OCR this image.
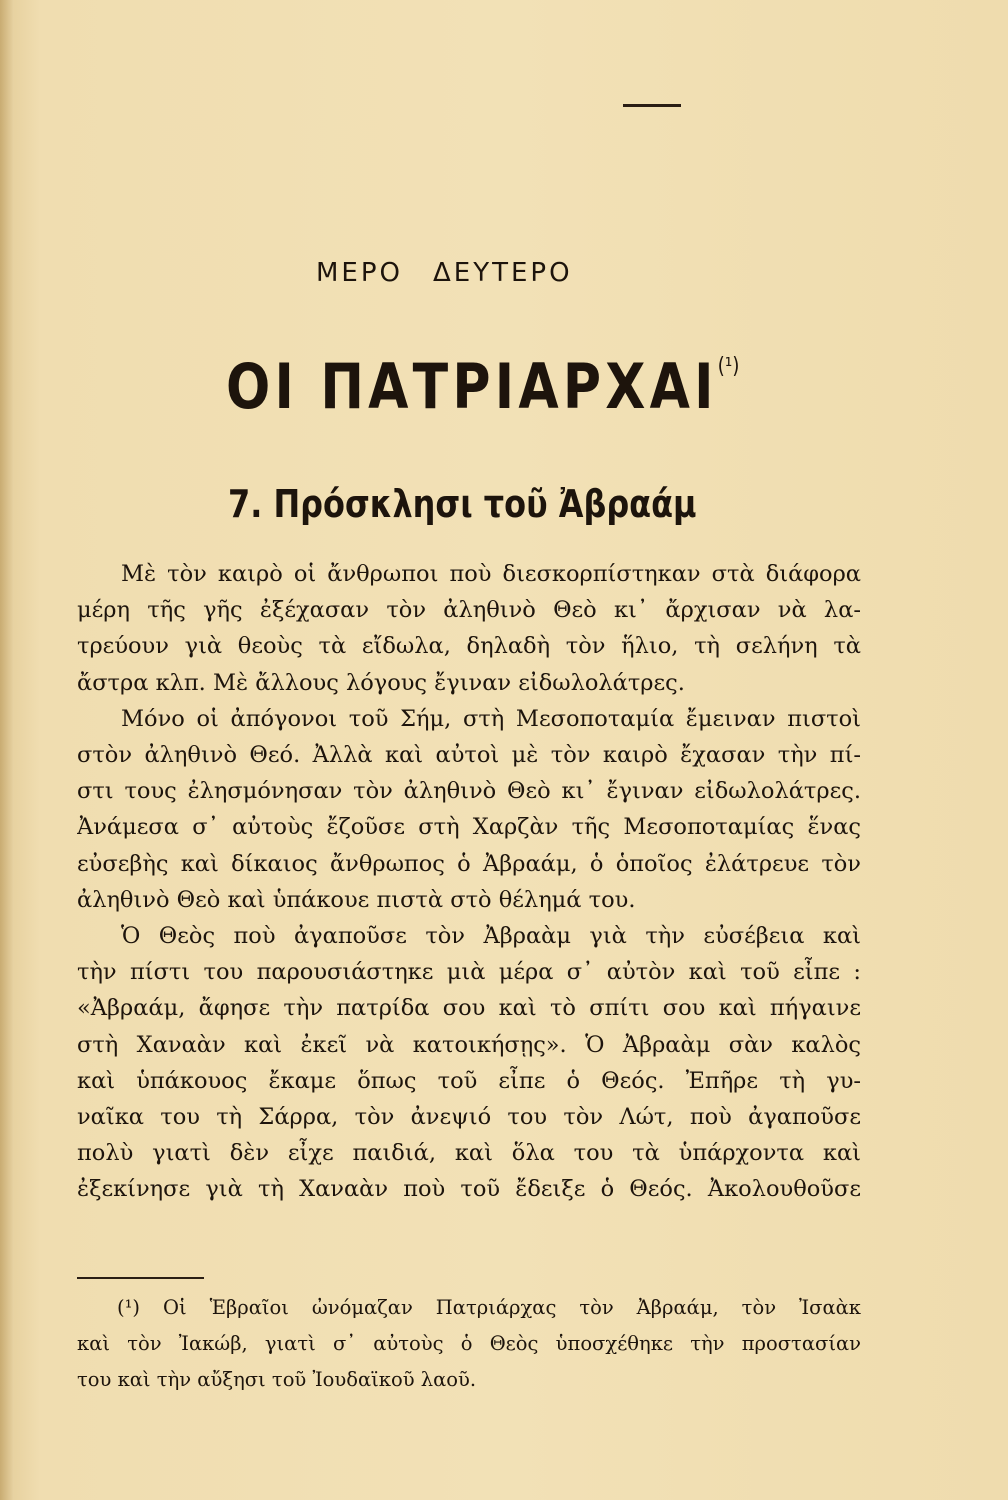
ΜΕΡΟ ΔΕΥΤΕΡΟ
ΟΙ $\Pi ATPIAPXAI^{(^1)}$
7. Πρόσκλησι τοῦ Ἀβραάμ
Μὲ τὸν καιρὸ οἱ ἄνθρωποι ποὺ διεσκορπίστηκαν στὰ διάφορα
μέρη τῆς γῆς ἐξέχασαν τὸν ἀληθινὸ Θεὸ κι᾿ ἄρχισαν νὰ λα-
τρεύουν γιὰ θεοὺς τὰ εἴδωλα, δηλαδὴ τὸν ἥλιο, τὴ σελήνη τὰ
ἄστρα κλπ. Μὲ ἄλλους λόγους ἔγιναν εἰδωλολάτρες.
Μόνο οἱ ἀπόγονοι τοῦ Σήμ, στὴ Μεσοποταμία ἔμειναν πιστοὶ
στὸν ἀληθινὸ Θεό. Ἀλλὰ καὶ αὐτοὶ μὲ τὸν καιρὸ ἔχασαν τὴν πί-
στι τους ἐλησμόνησαν τὸν ἀληθινὸ Θεὸ κι᾿ ἔγιναν εἰδωλολάτρες.
Ἀνάμεσα σ᾿ αὐτοὺς ἔζοῦσε στὴ Χαρζὰν τῆς Μεσοποταμίας ἕνας
εὐσεβὴς καὶ δίκαιος ἄνθρωπος ὁ Ἀβραάμ, ὁ ὁποῖος ἐλάτρευε τὸν
ἀληθινὸ Θεὸ καὶ ὑπάκουε πιστὰ στὸ θέλημά του.
Ὁ Θεὸς ποὺ ἀγαποῦσε τὸν Ἀβραὰμ γιὰ τὴν εὐσέβεια καὶ
τὴν πίστι του παρουσιάστηκε μιὰ μέρα σ᾿ αὐτὸν καὶ τοῦ εἶπε :
«Ἀβραάμ, ἄφησε τὴν πατρίδα σου καὶ τὸ σπίτι σου καὶ πήγαινε
στὴ Χαναὰν καὶ ἐκεῖ νὰ κατοικήσῃς». Ὁ Ἀβραὰμ σὰν καλὸς
καὶ ὑπάκουος ἔκαμε ὅπως τοῦ εἶπε ὁ Θεός. Ἐπῆρε τὴ γυ-
ναῖκα του τὴ Σάρρα, τὸν ἀνεψιό του τὸν Λώτ, ποὺ ἀγαποῦσε
πολὺ γιατὶ δὲν εἶχε παιδιά, καὶ ὅλα του τὰ ὑπάρχοντα καὶ
ἐξεκίνησε γιὰ τὴ Χαναὰν ποὺ τοῦ ἔδειξε ὁ Θεός. Ἀκολουθοῦσε
(¹) Οἱ Ἑβραῖοι ὠνόμαζαν Πατριάρχας τὸν Ἀβραάμ, τὸν Ἰσαὰκ
καὶ τὸν Ἰακώβ, γιατὶ σ᾿ αὐτοὺς ὁ Θεὸς ὑποσχέθηκε τὴν προστασίαν
του καὶ τὴν αὔξησι τοῦ Ἰουδαϊκοῦ λαοῦ.
